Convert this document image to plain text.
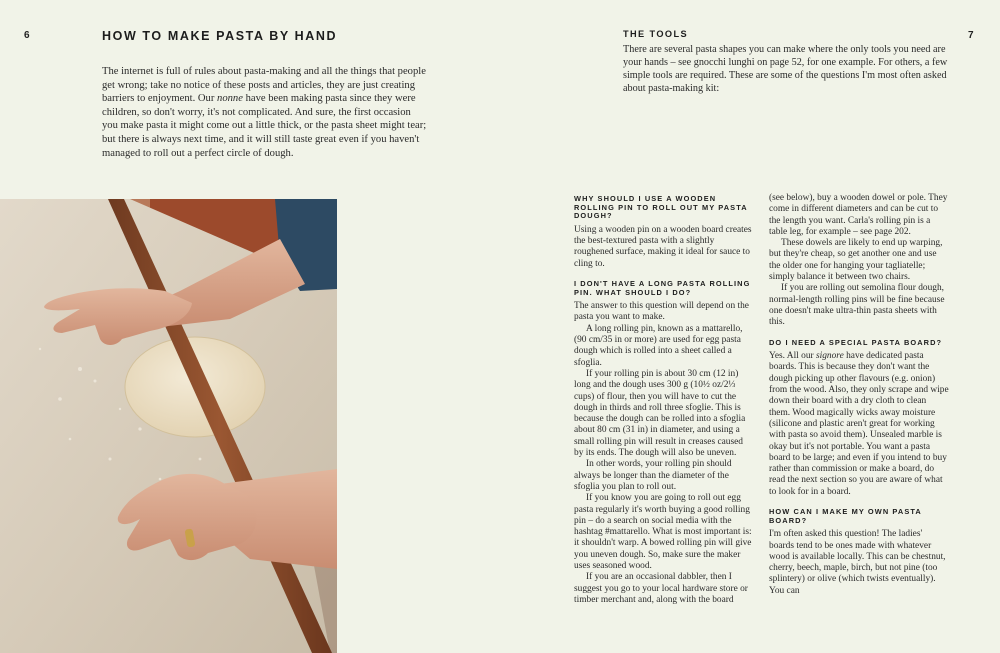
6	HOW TO MAKE PASTA BY HAND
The internet is full of rules about pasta-making and all the things that people
get wrong; take no notice of these posts and articles, they are just creating
barriers to enjoyment. Our nonne have been making pasta since they were
children, so don't worry, it's not complicated. And sure, the first occasion
you make pasta it might come out a little thick, or the pasta sheet might tear;
but there is always next time, and it will still taste great even if you haven't
managed to roll out a perfect circle of dough.
7
THE TOOLS
There are several pasta shapes you can make where the only tools you need are your hands – see gnocchi lunghi on page 52, for one example. For others, a few simple tools are required. These are some of the questions I'm most often asked about pasta-making kit:
WHY SHOULD I USE A WOODEN ROLLING PIN TO ROLL OUT MY PASTA DOUGH?

Using a wooden pin on a wooden board creates the best-textured pasta with a slightly roughened surface, making it ideal for sauce to cling to.

I DON'T HAVE A LONG PASTA ROLLING PIN. WHAT SHOULD I DO?

The answer to this question will depend on the pasta you want to make.

A long rolling pin, known as a mattarello, (90 cm/35 in or more) are used for egg pasta dough which is rolled into a sheet called a sfoglia.

If your rolling pin is about 30 cm (12 in) long and the dough uses 300 g (10½ oz/2⅓ cups) of flour, then you will have to cut the dough in thirds and roll three sfoglie. This is because the dough can be rolled into a sfoglia about 80 cm (31 in) in diameter, and using a small rolling pin will result in creases caused by its ends. The dough will also be uneven.

In other words, your rolling pin should always be longer than the diameter of the sfoglia you plan to roll out.

If you know you are going to roll out egg pasta regularly it's worth buying a good rolling pin – do a search on social media with the hashtag #mattarello. What is most important is: it shouldn't warp. A bowed rolling pin will give you uneven dough. So, make sure the maker uses seasoned wood.

If you are an occasional dabbler, then I suggest you go to your local hardware store or timber merchant and, along with the board

(see below), buy a wooden dowel or pole. They come in different diameters and can be cut to the length you want. Carla's rolling pin is a table leg, for example – see page 202.

These dowels are likely to end up warping, but they're cheap, so get another one and use the older one for hanging your tagliatelle; simply balance it between two chairs.

If you are rolling out semolina flour dough, normal-length rolling pins will be fine because one doesn't make ultra-thin pasta sheets with this.

DO I NEED A SPECIAL PASTA BOARD?

Yes. All our signore have dedicated pasta boards. This is because they don't want the dough picking up other flavours (e.g. onion) from the wood. Also, they only scrape and wipe down their board with a dry cloth to clean them. Wood magically wicks away moisture (silicone and plastic aren't great for working with pasta so avoid them). Unsealed marble is okay but it's not portable. You want a pasta board to be large; and even if you intend to buy rather than commission or make a board, do read the next section so you are aware of what to look for in a board.

HOW CAN I MAKE MY OWN PASTA BOARD?

I'm often asked this question! The ladies' boards tend to be ones made with whatever wood is available locally. This can be chestnut, cherry, beech, maple, birch, but not pine (too splintery) or olive (which twists eventually). You can
